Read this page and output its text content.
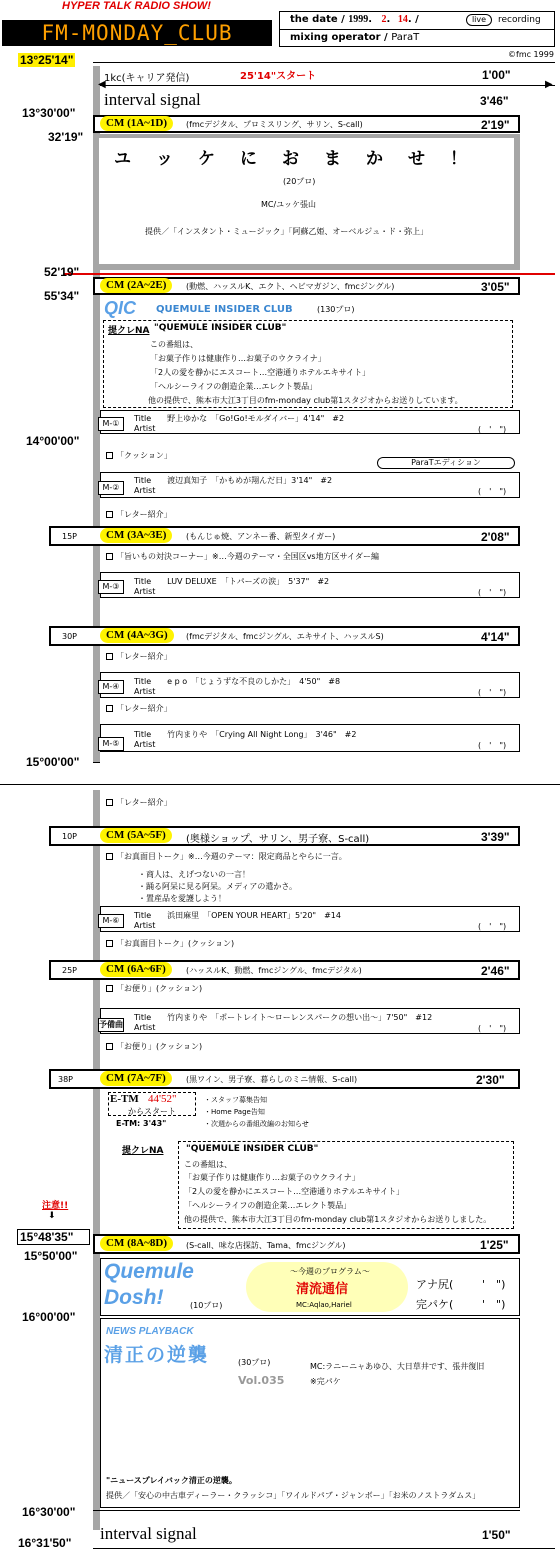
HYPER TALK RADIO SHOW!
FM-MONDAY_CLUB
the date / 1999. 2. 14. /	live	recording
mixing operator / ParaT
©fmc 1999
13°25'14"
1kc(キャリア発信)	25'14"スタート	1'00"
◀	▶
interval signal	3'46"
13°30'00"
CM (1A~1D)	(fmcデジタル、プロミスリング、サリン、S-call)	2'19"
32'19"
ユ　ッ　ケ　に　お　ま　か　せ　！
(20プロ)
MC/ユッケ張山
提供／「インスタント・ミュージック」「阿蘇乙姫、オーベルジュ・ド・弥上」
52'19"
CM (2A~2E)	(動燃、ハッスルK、エクト、ヘビマガジン、fmcジングル)	3'05"
55'34"
QIC QUEMULE INSIDER CLUB	(130プロ)
提クレNA "QUEMULE INSIDER CLUB"
この番組は、
「お菓子作りは健康作り…お菓子のウクライナ」
「2人の愛を静かにエスコート…空港通りホテルエキサイト」
「ヘルシーライフの創造企業…エレクト製品」
他の提供で、熊本市大江3丁目のfm-monday club第1スタジオからお送りしています。
M-①
Title　　野上ゆかな　「Go!Go!モルダイバー」4'14"　#2
Artist	(　'　")
14°00'00"
「クッション」
ParaTエディション
M-②
Title　　渡辺真知子　「かもめが翔んだ日」3'14"　#2
Artist	(　'　")
「レター紹介」
15P	CM (3A~3E)	(もんじゅ焼、アンネー番、新型タイガー)	2'08"
「旨いもの対決コーナー」※…今週のテーマ・全国区vs地方区サイダー編
M-③
Title　　LUV DELUXE　「トパーズの涙」　5'37"　#2
Artist	(　'　")
30P	CM (4A~3G)	(fmcデジタル、fmcジングル、エキサイト、ハッスルS)	4'14"
「レター紹介」
M-④
Title　　e p o　「じょうずな不良のしかた」　4'50"　#8
Artist	(　'　")
「レター紹介」
M-⑤
Title　　竹内まりや　「Crying All Night Long」　3'46"　#2
Artist	(　'　")
15°00'00"
「レター紹介」
10P	CM (5A~5F)	(奥様ショップ、サリン、男子寮、S-call)	3'39"
「お真面目トーク」※…今週のテーマ：限定商品とやらに一言。
・商人は、えげつないの一言！
・踊る阿呆に見る阿呆。メディアの遣かさ。
・置産品を愛護しよう！
M-⑥
Title　　浜田麻里　「OPEN YOUR HEART」5'20"　#14
Artist	(　'　")
「お真面目トーク」(クッション)
25P	CM (6A~6F)	(ハッスルK、動燃、fmcジングル、fmcデジタル)	2'46"
「お便り」(クッション)
予備曲
Title　　竹内まりや　「ポートレイト～ローレンスパークの想い出～」7'50"　#12
Artist	(　'　")
「お便り」(クッション)
38P	CM (7A~7F)	(黒ワイン、男子寮、暮らしのミニ情報、S-call)	2'30"
E-TM 44'52"
からスタート
E-TM: 3'43"
・スタッフ募集告知
・Home Page告知
・次週からの番組改編のお知らせ
提クレNA	"QUEMULE INSIDER CLUB"
この番組は、
「お菓子作りは健康作り…お菓子のウクライナ」
「2人の愛を静かにエスコート…空港通りホテルエキサイト」
「ヘルシーライフの創造企業…エレクト製品」
他の提供で、熊本市大江3丁目のfm-monday club第1スタジオからお送りしました。
注意!!
⬇
15°48'35"	CM (8A~8D)	(S-call、味な店探訪、Tama、fmcジングル)	1'25"
15°50'00"
Quemule
Dosh!	(10プロ)
～今週のプログラム～
清流通信
MC:Aqlao,Hariel
アナ尻(	'　")
完パケ(	'　")
16°00'00"
NEWS PLAYBACK
清正の逆襲	(30プロ)	MC:ラニーニャあゆひ、大日草井です、張井復旧
Vol.035	※完パケ
"ニュースプレイバック清正の逆襲。
提供／「安心の中古車ディーラー・クラッシコ」「ワイルドパブ・ジャンボー」「お米のノストラダムス」
16°30'00"
interval signal	1'50"
16°31'50"
